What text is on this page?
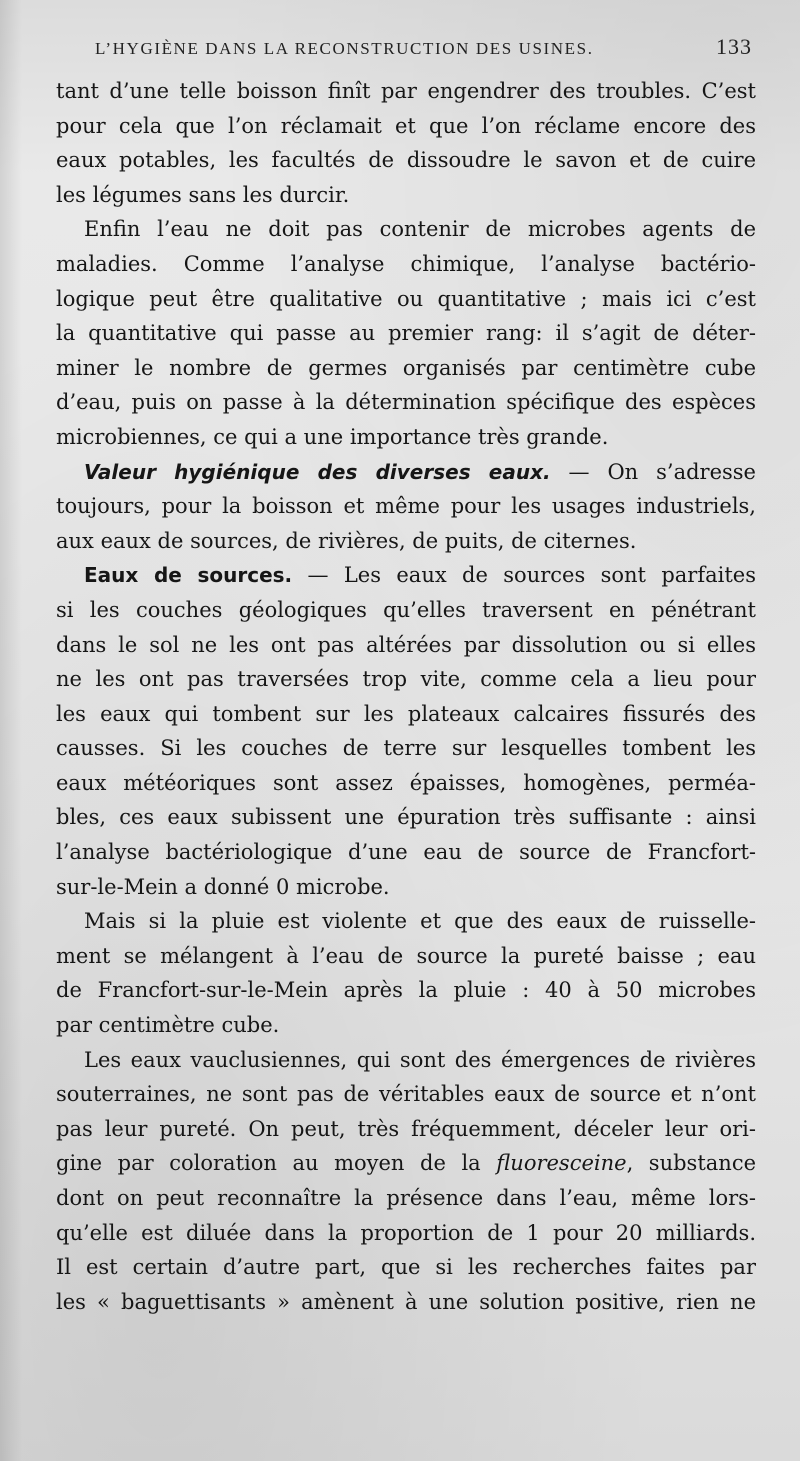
L’HYGIÈNE DANS LA RECONSTRUCTION DES USINES.	133
tant d’une telle boisson finît par engendrer des troubles. C’est
pour cela que l’on réclamait et que l’on réclame encore des
eaux potables, les facultés de dissoudre le savon et de cuire
les légumes sans les durcir.
Enfin l’eau ne doit pas contenir de microbes agents de
maladies. Comme l’analyse chimique, l’analyse bactério-
logique peut être qualitative ou quantitative ; mais ici c’est
la quantitative qui passe au premier rang: il s’agit de déter-
miner le nombre de germes organisés par centimètre cube
d’eau, puis on passe à la détermination spécifique des espèces
microbiennes, ce qui a une importance très grande.
Valeur hygiénique des diverses eaux. — On s’adresse
toujours, pour la boisson et même pour les usages industriels,
aux eaux de sources, de rivières, de puits, de citernes.
Eaux de sources. — Les eaux de sources sont parfaites
si les couches géologiques qu’elles traversent en pénétrant
dans le sol ne les ont pas altérées par dissolution ou si elles
ne les ont pas traversées trop vite, comme cela a lieu pour
les eaux qui tombent sur les plateaux calcaires fissurés des
causses. Si les couches de terre sur lesquelles tombent les
eaux météoriques sont assez épaisses, homogènes, perméa-
bles, ces eaux subissent une épuration très suffisante : ainsi
l’analyse bactériologique d’une eau de source de Francfort-
sur-le-Mein a donné 0 microbe.
Mais si la pluie est violente et que des eaux de ruisselle-
ment se mélangent à l’eau de source la pureté baisse ; eau
de Francfort-sur-le-Mein après la pluie : 40 à 50 microbes
par centimètre cube.
Les eaux vauclusiennes, qui sont des émergences de rivières
souterraines, ne sont pas de véritables eaux de source et n’ont
pas leur pureté. On peut, très fréquemment, déceler leur ori-
gine par coloration au moyen de la fluoresceine, substance
dont on peut reconnaître la présence dans l’eau, même lors-
qu’elle est diluée dans la proportion de 1 pour 20 milliards.
Il est certain d’autre part, que si les recherches faites par
les « baguettisants » amènent à une solution positive, rien ne
